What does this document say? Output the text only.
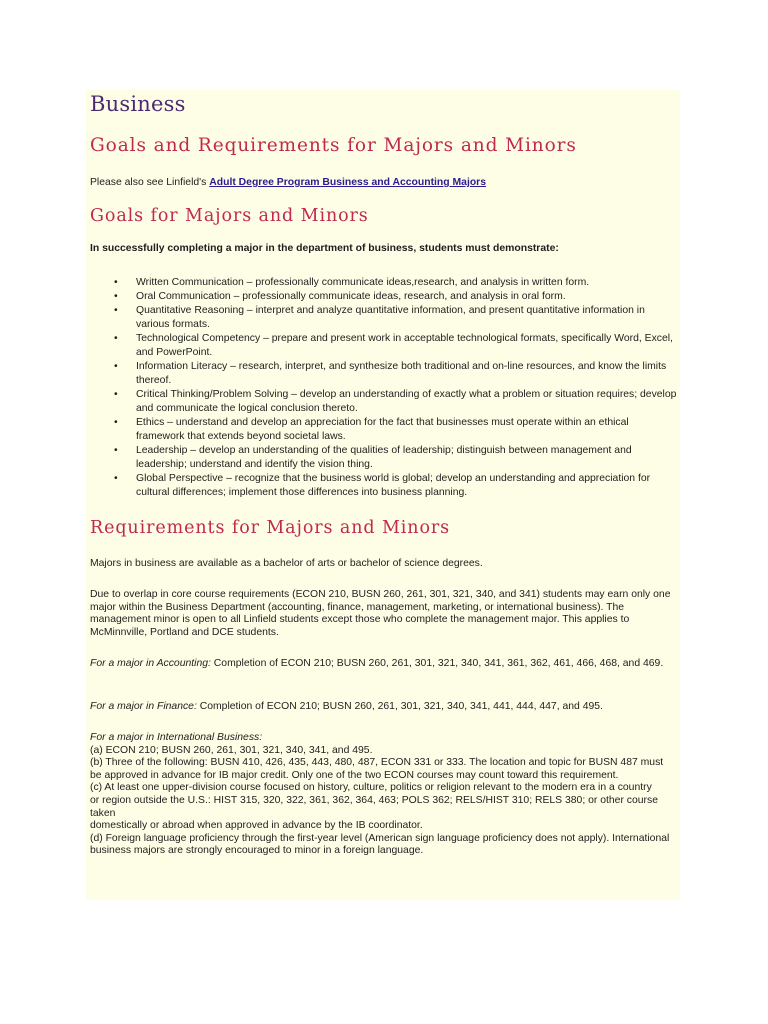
Business
Goals and Requirements for Majors and Minors

Please also see Linfield's Adult Degree Program Business and Accounting Majors

Goals for Majors and Minors

In successfully completing a major in the department of business, students must demonstrate:

• Written Communication – professionally communicate ideas,research, and analysis in written form.
• Oral Communication – professionally communicate ideas, research, and analysis in oral form.
• Quantitative Reasoning – interpret and analyze quantitative information, and present quantitative information in various formats.
• Technological Competency – prepare and present work in acceptable technological formats, specifically Word, Excel, and PowerPoint.
• Information Literacy – research, interpret, and synthesize both traditional and on-line resources, and know the limits thereof.
• Critical Thinking/Problem Solving – develop an understanding of exactly what a problem or situation requires; develop and communicate the logical conclusion thereto.
• Ethics – understand and develop an appreciation for the fact that businesses must operate within an ethical framework that extends beyond societal laws.
• Leadership – develop an understanding of the qualities of leadership; distinguish between management and leadership; understand and identify the vision thing.
• Global Perspective – recognize that the business world is global; develop an understanding and appreciation for cultural differences; implement those differences into business planning.
Requirements for Majors and Minors

Majors in business are available as a bachelor of arts or bachelor of science degrees.

Due to overlap in core course requirements (ECON 210, BUSN 260, 261, 301, 321, 340, and 341) students may earn only one major within the Business Department (accounting, finance, management, marketing, or international business). The management minor is open to all Linfield students except those who complete the management major. This applies to McMinnville, Portland and DCE students.

For a major in Accounting: Completion of ECON 210; BUSN 260, 261, 301, 321, 340, 341, 361, 362, 461, 466, 468, and 469.

For a major in Finance: Completion of ECON 210; BUSN 260, 261, 301, 321, 340, 341, 441, 444, 447, and 495.

For a major in International Business:
(a) ECON 210; BUSN 260, 261, 301, 321, 340, 341, and 495.
(b) Three of the following: BUSN 410, 426, 435, 443, 480, 487, ECON 331 or 333. The location and topic for BUSN 487 must be approved in advance for IB major credit. Only one of the two ECON courses may count toward this requirement.
(c) At least one upper-division course focused on history, culture, politics or religion relevant to the modern era in a country
or region outside the U.S.: HIST 315, 320, 322, 361, 362, 364, 463; POLS 362; RELS/HIST 310; RELS 380; or other course taken
domestically or abroad when approved in advance by the IB coordinator.
(d) Foreign language proficiency through the first-year level (American sign language proficiency does not apply). International
business majors are strongly encouraged to minor in a foreign language.
